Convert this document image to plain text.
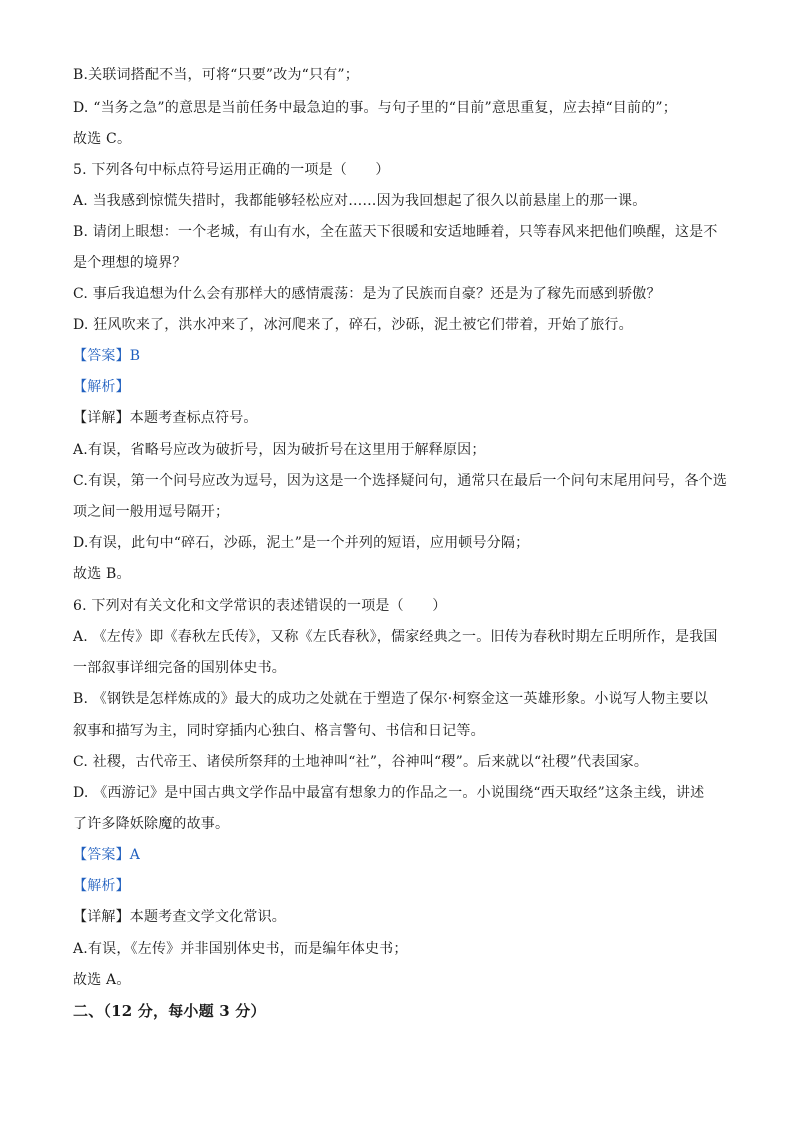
B.关联词搭配不当，可将“只要”改为“只有”；
D. “当务之急”的意思是当前任务中最急迫的事。与句子里的“目前”意思重复，应去掉“目前的”；
故选 C。
5. 下列各句中标点符号运用正确的一项是（　　）
A. 当我感到惊慌失措时，我都能够轻松应对……因为我回想起了很久以前悬崖上的那一课。
B. 请闭上眼想：一个老城，有山有水，全在蓝天下很暖和安适地睡着，只等春风来把他们唤醒，这是不
是个理想的境界？
C. 事后我追想为什么会有那样大的感情震荡：是为了民族而自豪？还是为了稼先而感到骄傲？
D. 狂风吹来了，洪水冲来了，冰河爬来了，碎石，沙砾，泥土被它们带着，开始了旅行。
【答案】B
【解析】
【详解】本题考查标点符号。
A.有误，省略号应改为破折号，因为破折号在这里用于解释原因；
C.有误，第一个问号应改为逗号，因为这是一个选择疑问句，通常只在最后一个问句末尾用问号，各个选
项之间一般用逗号隔开；
D.有误，此句中“碎石，沙砾，泥土”是一个并列的短语，应用顿号分隔；
故选 B。
6. 下列对有关文化和文学常识的表述错误的一项是（　　）
A. 《左传》即《春秋左氏传》，又称《左氏春秋》，儒家经典之一。旧传为春秋时期左丘明所作，是我国
一部叙事详细完备的国别体史书。
B. 《钢铁是怎样炼成的》最大的成功之处就在于塑造了保尔·柯察金这一英雄形象。小说写人物主要以
叙事和描写为主，同时穿插内心独白、格言警句、书信和日记等。
C. 社稷，古代帝王、诸侯所祭拜的土地神叫“社”，谷神叫“稷”。后来就以“社稷”代表国家。
D. 《西游记》是中国古典文学作品中最富有想象力的作品之一。小说围绕“西天取经”这条主线，讲述
了许多降妖除魔的故事。
【答案】A
【解析】
【详解】本题考查文学文化常识。
A.有误，《左传》并非国别体史书，而是编年体史书；
故选 A。
二、（12 分，每小题 3 分）
